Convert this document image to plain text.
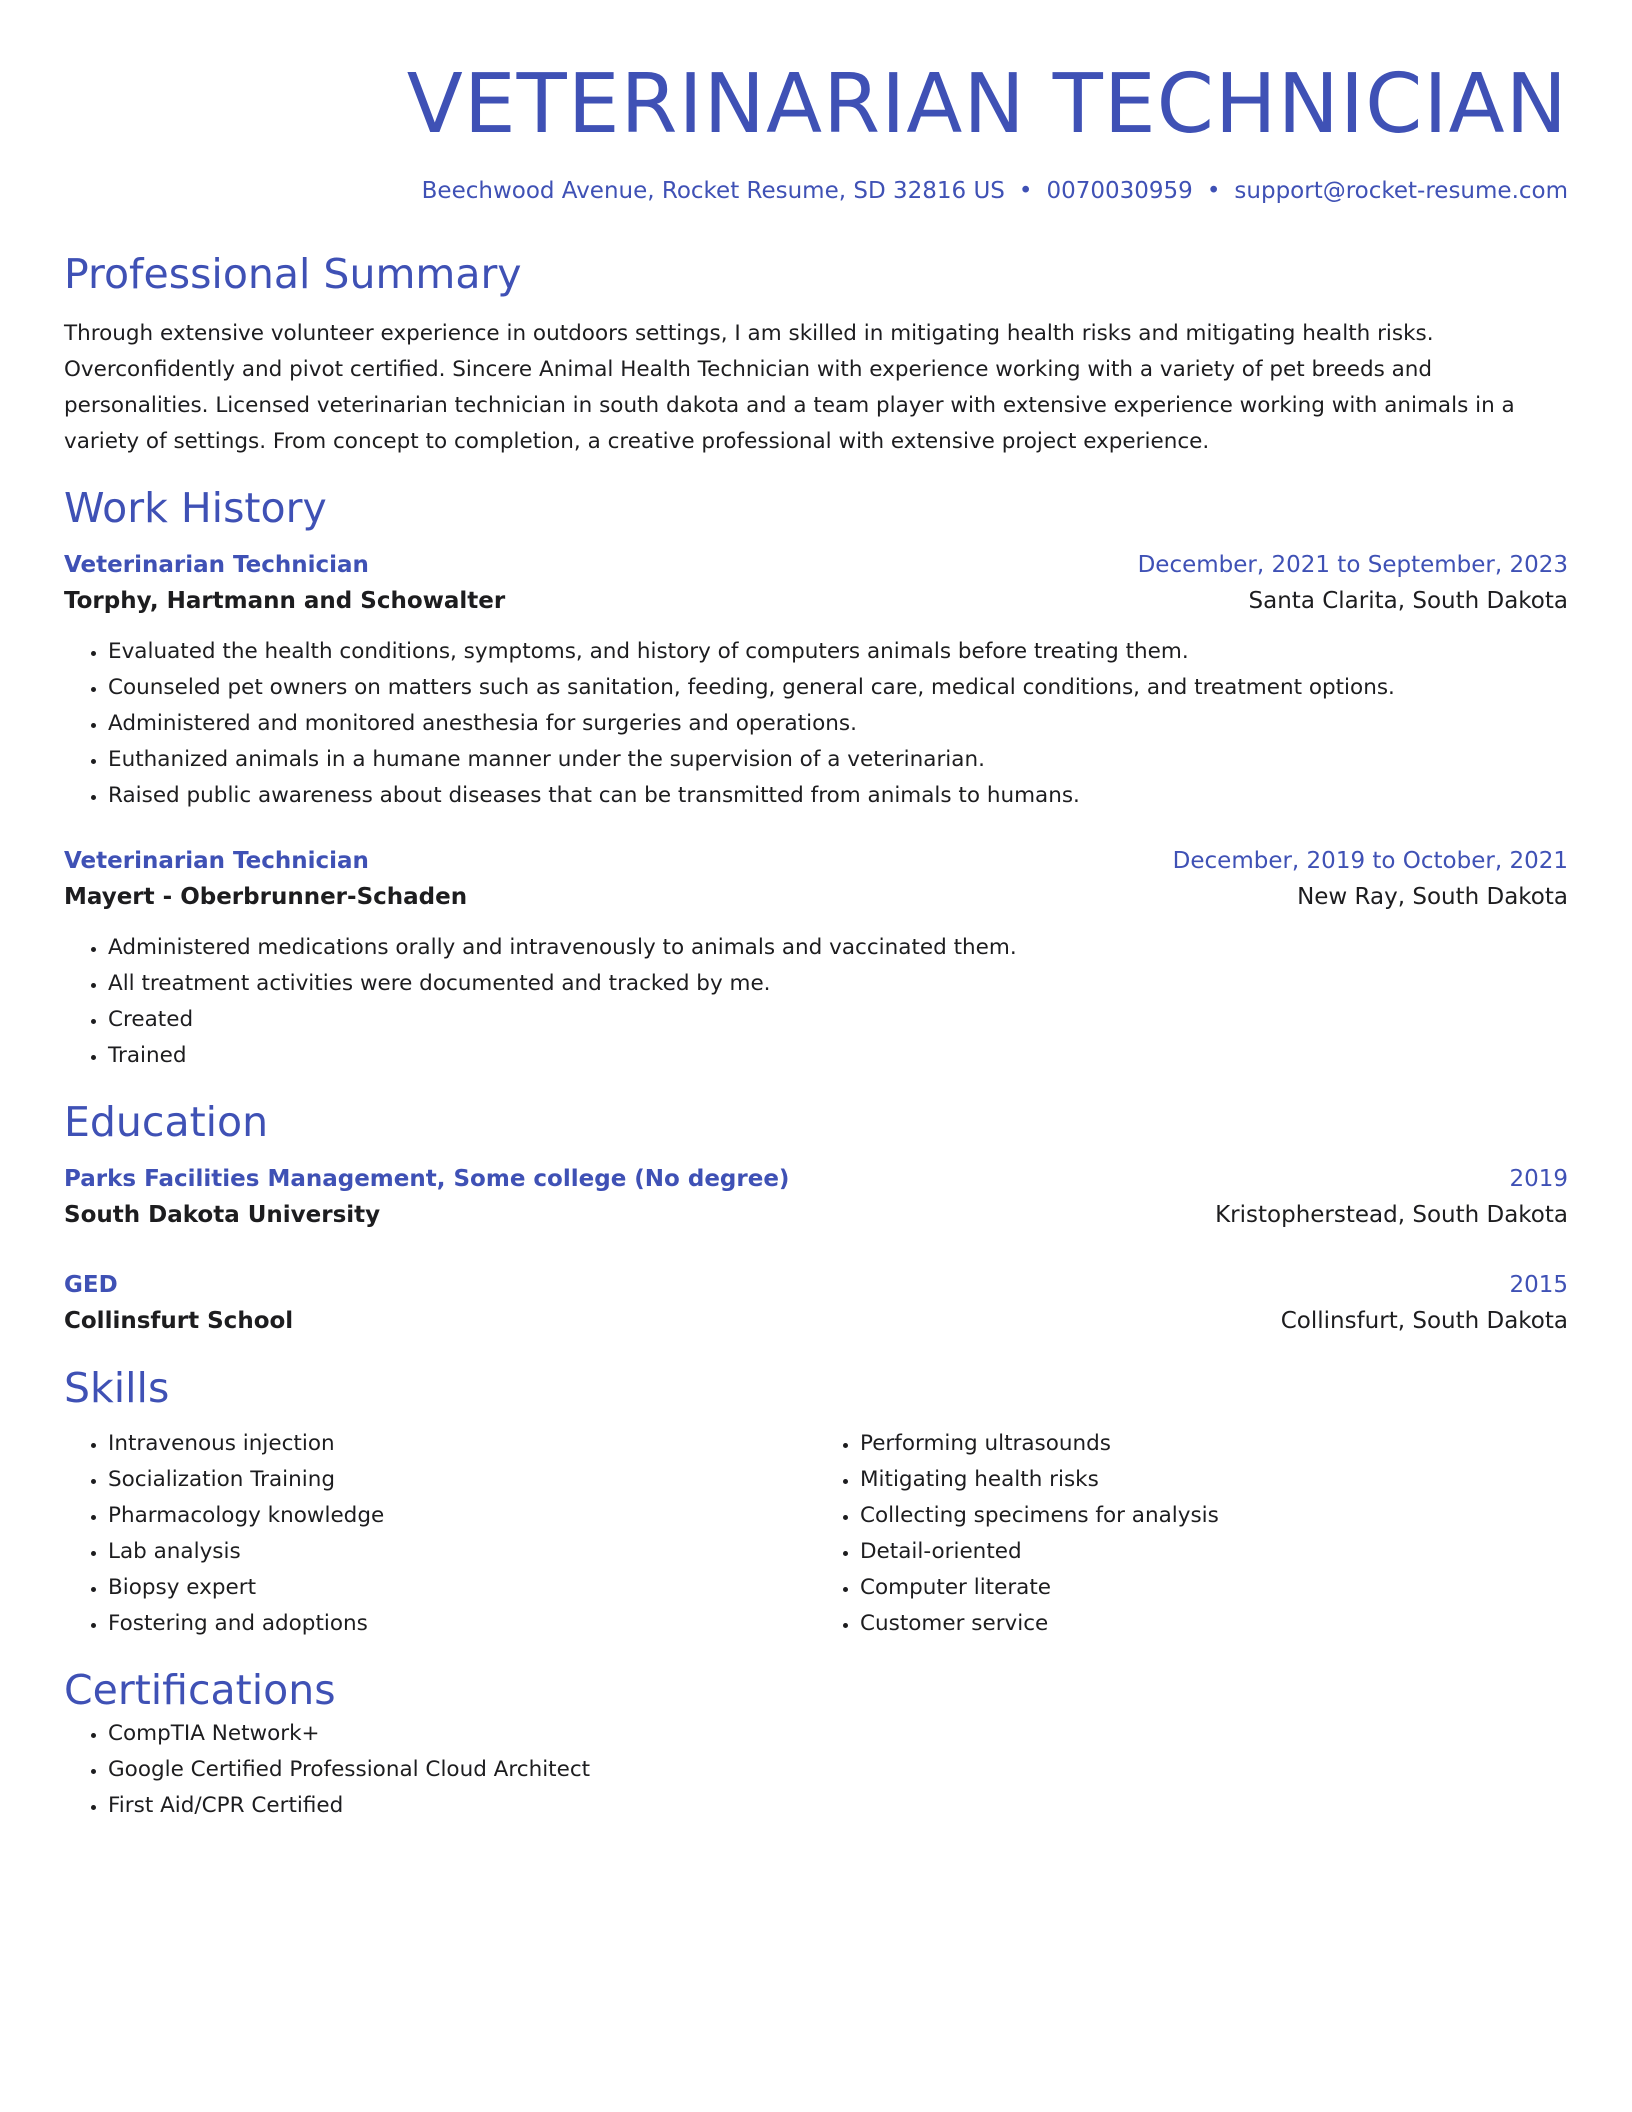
VETERINARIAN TECHNICIAN
Beechwood Avenue, Rocket Resume, SD 32816 US • 0070030959 • support@rocket-resume.com
Professional Summary
Through extensive volunteer experience in outdoors settings, I am skilled in mitigating health risks and mitigating health risks. Overconfidently and pivot certified. Sincere Animal Health Technician with experience working with a variety of pet breeds and personalities. Licensed veterinarian technician in south dakota and a team player with extensive experience working with animals in a variety of settings. From concept to completion, a creative professional with extensive project experience.
Work History
Veterinarian Technician	December, 2021 to September, 2023
Torphy, Hartmann and Schowalter	Santa Clarita, South Dakota
• Evaluated the health conditions, symptoms, and history of computers animals before treating them.
• Counseled pet owners on matters such as sanitation, feeding, general care, medical conditions, and treatment options.
• Administered and monitored anesthesia for surgeries and operations.
• Euthanized animals in a humane manner under the supervision of a veterinarian.
• Raised public awareness about diseases that can be transmitted from animals to humans.
Veterinarian Technician	December, 2019 to October, 2021
Mayert - Oberbrunner-Schaden	New Ray, South Dakota
• Administered medications orally and intravenously to animals and vaccinated them.
• All treatment activities were documented and tracked by me.
• Created
• Trained
Education
Parks Facilities Management, Some college (No degree)	2019
South Dakota University	Kristopherstead, South Dakota
GED	2015
Collinsfurt School	Collinsfurt, South Dakota
Skills
• Intravenous injection
• Socialization Training
• Pharmacology knowledge
• Lab analysis
• Biopsy expert
• Fostering and adoptions
• Performing ultrasounds
• Mitigating health risks
• Collecting specimens for analysis
• Detail-oriented
• Computer literate
• Customer service
Certifications
• CompTIA Network+
• Google Certified Professional Cloud Architect
• First Aid/CPR Certified
